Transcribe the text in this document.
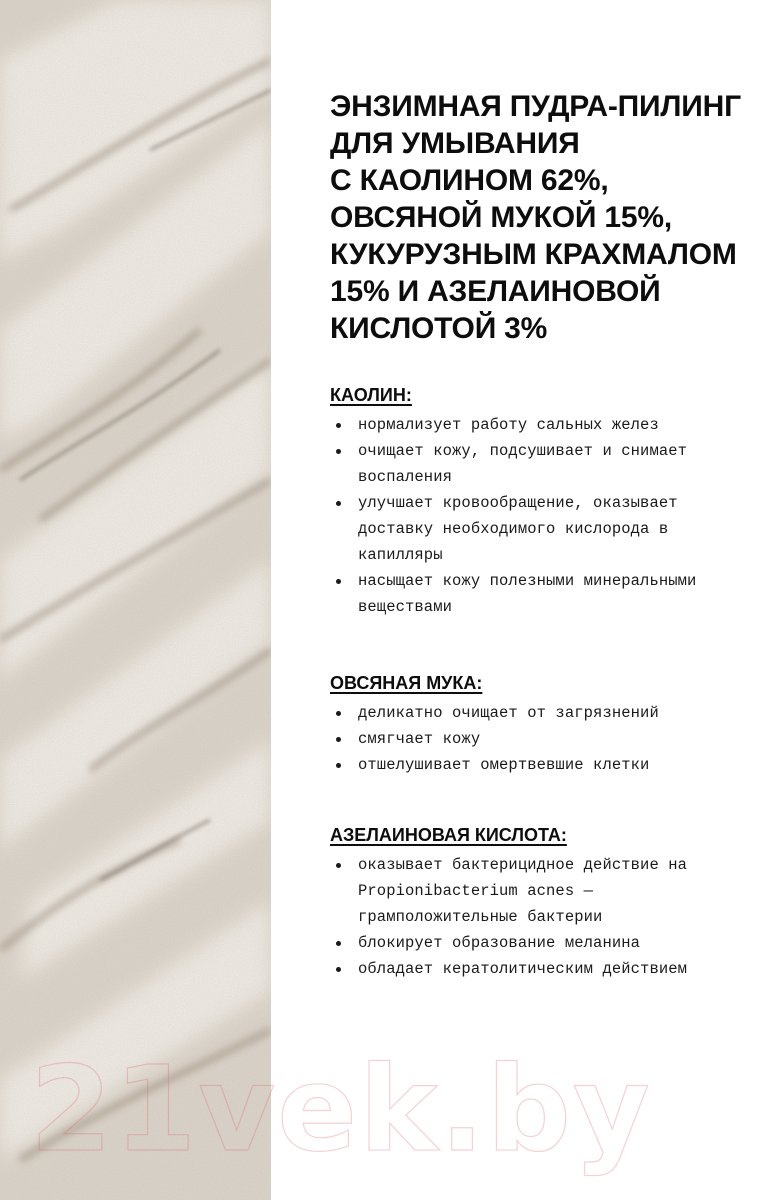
ЭНЗИМНАЯ ПУДРА-ПИЛИНГ
ДЛЯ УМЫВАНИЯ
С КАОЛИНОМ 62%,
ОВСЯНОЙ МУКОЙ 15%,
КУКУРУЗНЫМ КРАХМАЛОМ
15% И АЗЕЛАИНОВОЙ
КИСЛОТОЙ 3%
КАОЛИН:
нормализует работу сальных желез
очищает кожу, подсушивает и снимает воспаления
улучшает кровообращение, оказывает доставку необходимого кислорода в капилляры
насыщает кожу полезными минеральными веществами
ОВСЯНАЯ МУКА:
деликатно очищает от загрязнений
смягчает кожу
отшелушивает омертвевшие клетки
АЗЕЛАИНОВАЯ КИСЛОТА:
оказывает бактерицидное действие на Propionibacterium acnes — грамположительные бактерии
блокирует образование меланина
обладает кератолитическим действием
21vek.by
